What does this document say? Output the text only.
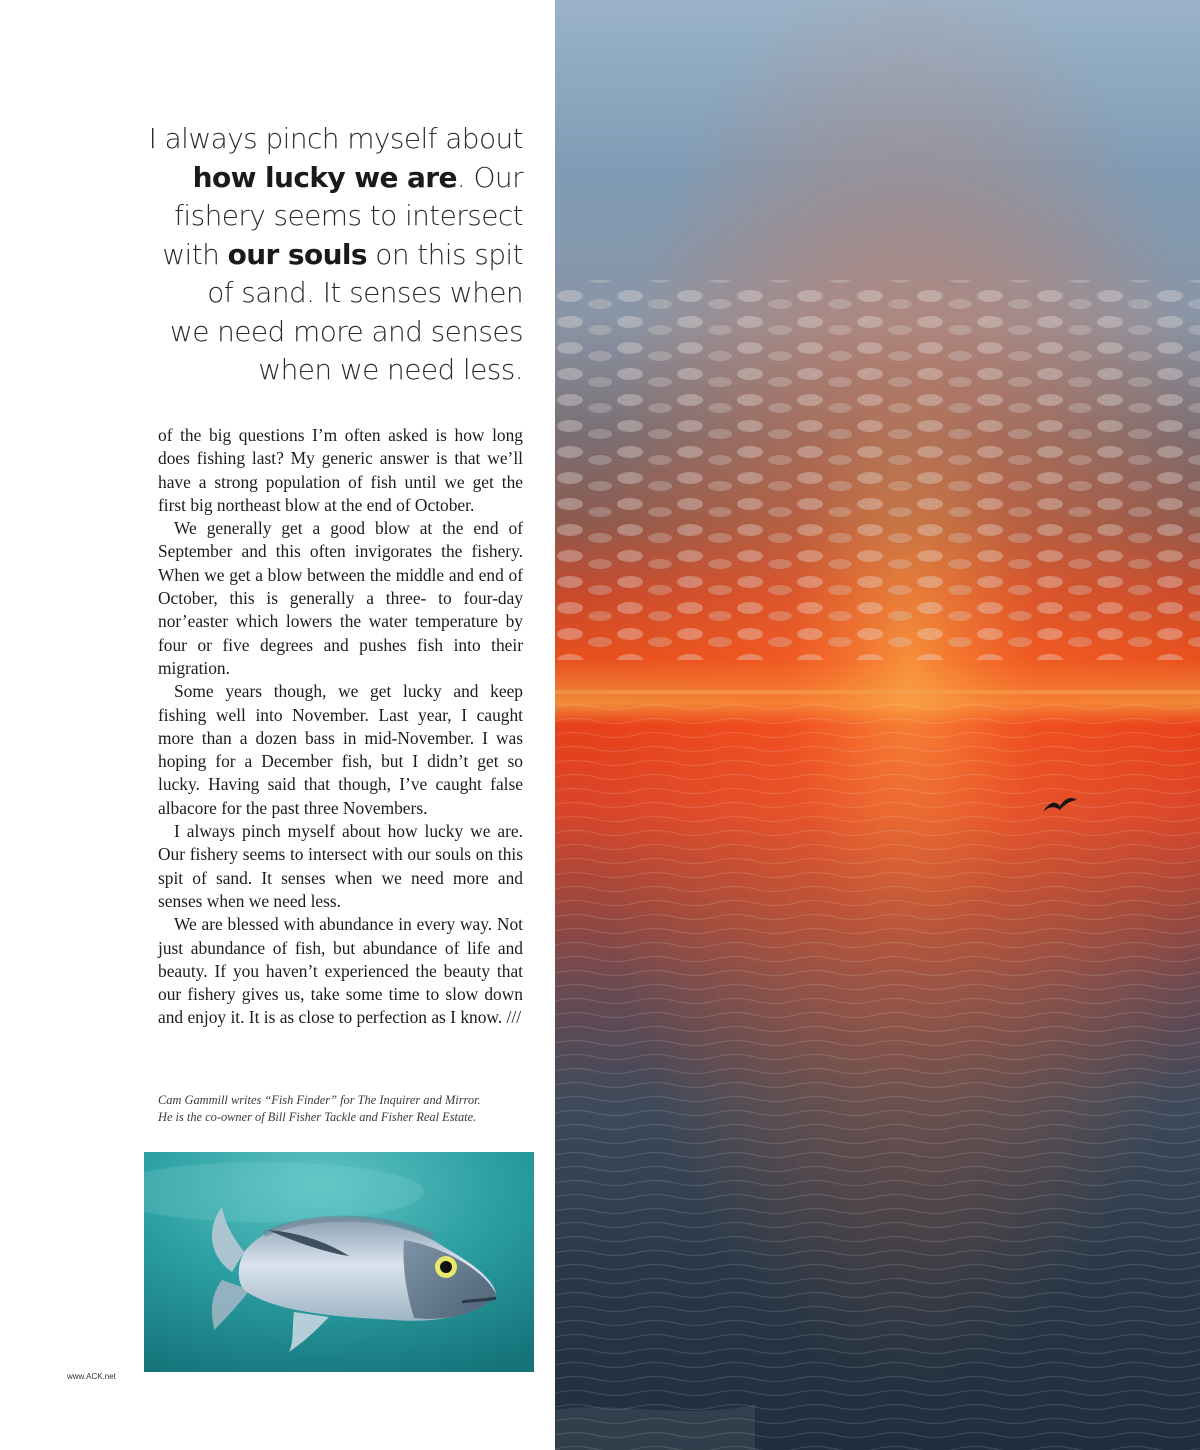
I always pinch myself about
how lucky we are. Our
fishery seems to intersect
with our souls on this spit
of sand. It senses when
we need more and senses
when we need less.

of the big questions I’m often asked is how long does fishing last? My generic answer is that we’ll have a strong population of fish until we get the first big northeast blow at the end of October.

We generally get a good blow at the end of September and this often invigorates the fishery. When we get a blow between the middle and end of October, this is generally a three- to four-day nor’easter which lowers the water temperature by four or five degrees and pushes fish into their migration.

Some years though, we get lucky and keep fishing well into November. Last year, I caught more than a dozen bass in mid-November. I was hoping for a December fish, but I didn’t get so lucky. Having said that though, I’ve caught false albacore for the past three Novembers.

I always pinch myself about how lucky we are. Our fishery seems to intersect with our souls on this spit of sand. It senses when we need more and senses when we need less.

We are blessed with abundance in every way. Not just abundance of fish, but abundance of life and beauty. If you haven’t experienced the beauty that our fishery gives us, take some time to slow down and enjoy it. It is as close to perfection as I know. ///

Cam Gammill writes “Fish Finder” for The Inquirer and Mirror.
He is the co-owner of Bill Fisher Tackle and Fisher Real Estate.
www.ACK.net
